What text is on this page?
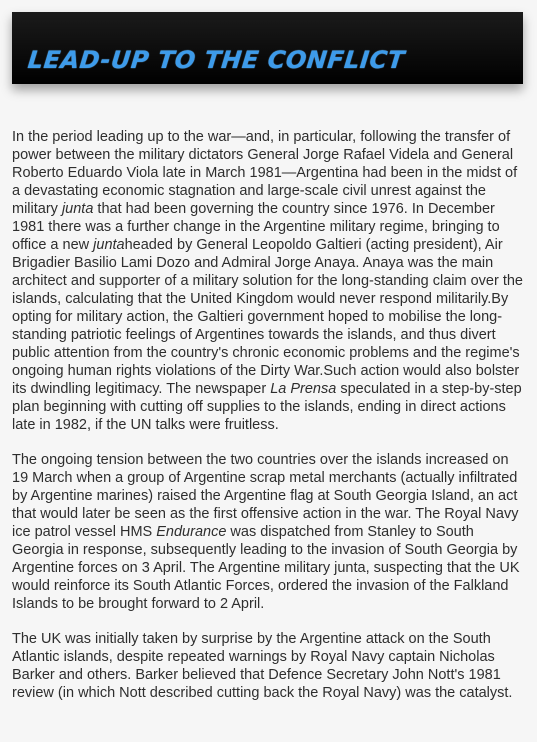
LEAD-UP TO THE CONFLICT

In the period leading up to the war—and, in particular, following the transfer of power between the military dictators General Jorge Rafael Videla and General Roberto Eduardo Viola late in March 1981—Argentina had been in the midst of a devastating economic stagnation and large-scale civil unrest against the military junta that had been governing the country since 1976. In December 1981 there was a further change in the Argentine military regime, bringing to office a new juntaheaded by General Leopoldo Galtieri (acting president), Air Brigadier Basilio Lami Dozo and Admiral Jorge Anaya. Anaya was the main architect and supporter of a military solution for the long-standing claim over the islands, calculating that the United Kingdom would never respond militarily.By opting for military action, the Galtieri government hoped to mobilise the long-standing patriotic feelings of Argentines towards the islands, and thus divert public attention from the country's chronic economic problems and the regime's ongoing human rights violations of the Dirty War.Such action would also bolster its dwindling legitimacy. The newspaper La Prensa speculated in a step-by-step plan beginning with cutting off supplies to the islands, ending in direct actions late in 1982, if the UN talks were fruitless.

The ongoing tension between the two countries over the islands increased on 19 March when a group of Argentine scrap metal merchants (actually infiltrated by Argentine marines) raised the Argentine flag at South Georgia Island, an act that would later be seen as the first offensive action in the war. The Royal Navy ice patrol vessel HMS Endurance was dispatched from Stanley to South Georgia in response, subsequently leading to the invasion of South Georgia by Argentine forces on 3 April. The Argentine military junta, suspecting that the UK would reinforce its South Atlantic Forces, ordered the invasion of the Falkland Islands to be brought forward to 2 April.

The UK was initially taken by surprise by the Argentine attack on the South Atlantic islands, despite repeated warnings by Royal Navy captain Nicholas Barker and others. Barker believed that Defence Secretary John Nott's 1981 review (in which Nott described cutting back the Royal Navy) was the catalyst.
